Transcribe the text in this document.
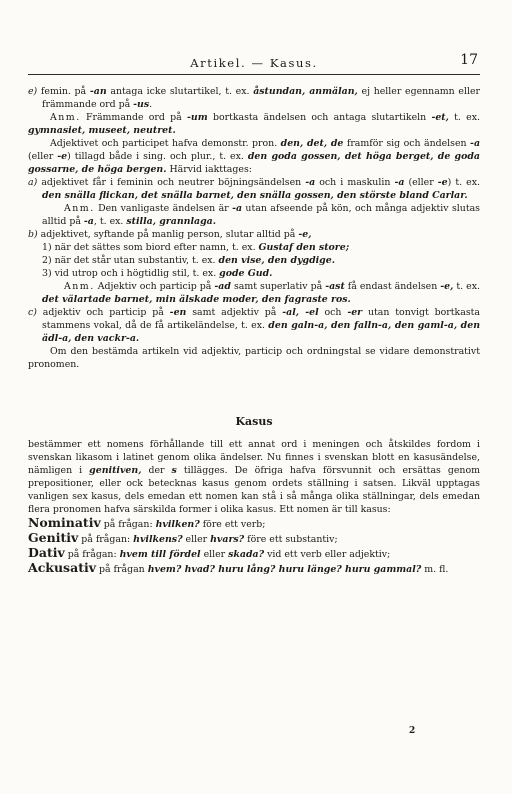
Artikel. — Kasus.	17

e) femin. på -an antaga icke slutartikel, t. ex. åstundan, anmälan, ej heller egennamn eller främmande ord på -us.

Anm. Främmande ord på -um bortkasta ändelsen och antaga slutartikeln -et, t. ex. gymnasiet, museet, neutret.

Adjektivet och participet hafva demonstr. pron. den, det, de framför sig och ändelsen -a (eller -e) tillagd både i sing. och plur., t. ex. den goda gossen, det höga berget, de goda gossarne, de höga bergen. Härvid iakttages:

a) adjektivet får i feminin och neutrer böjningsändelsen -a och i maskulin -a (eller -e) t. ex. den snälla flickan, det snälla barnet, den snälla gossen, den störste bland Carlar.

Anm. Den vanligaste ändelsen är -a utan afseende på kön, och många adjektiv slutas alltid på -a, t. ex. stilla, grannlaga.

b) adjektivet, syftande på manlig person, slutar alltid på -e,

1) när det sättes som biord efter namn, t. ex. Gustaf den store;

2) när det står utan substantiv, t. ex. den vise, den dygdige.

3) vid utrop och i högtidlig stil, t. ex. gode Gud.

Anm. Adjektiv och particip på -ad samt superlativ på -ast få endast ändelsen -e, t. ex. det välartade barnet, min älskade moder, den fagraste ros.

c) adjektiv och particip på -en samt adjektiv på -al, -el och -er utan tonvigt bortkasta stammens vokal, då de få artikeländelse, t. ex. den galn-a, den falln-a, den gaml-a, den ädl-a, den vackr-a.

Om den bestämda artikeln vid adjektiv, particip och ordningstal se vidare demonstrativt pronomen.

Kasus

bestämmer ett nomens förhållande till ett annat ord i meningen och åtskildes fordom i svenskan likasom i latinet genom olika ändelser. Nu finnes i svenskan blott en kasusändelse, nämligen i genitiven, der s tillägges. De öfriga hafva försvunnit och ersättas genom prepositioner, eller ock betecknas kasus genom ordets ställning i satsen. Likväl upptagas vanligen sex kasus, dels emedan ett nomen kan stå i så många olika ställningar, dels emedan flera pronomen hafva särskilda former i olika kasus. Ett nomen är till kasus:

Nominativ på frågan: hvilken? före ett verb;

Genitiv på frågan: hvilkens? eller hvars? före ett substantiv;

Dativ på frågan: hvem till fördel eller skada? vid ett verb eller adjektiv;

Ackusativ på frågan hvem? hvad? huru lång? huru länge? huru gammal? m. fl.

2
